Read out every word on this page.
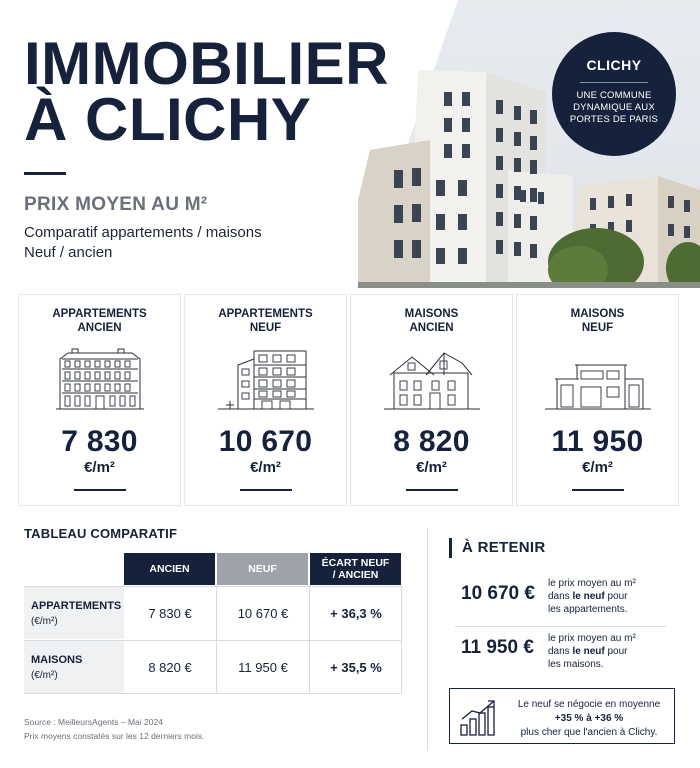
IMMOBILIER
À CLICHY
PRIX MOYEN AU M²
Comparatif appartements / maisons
Neuf / ancien
CLICHY
UNE COMMUNE
DYNAMIQUE AUX
PORTES DE PARIS
APPARTEMENTS
ANCIEN
7 830
€/m²
APPARTEMENTS
NEUF
10 670
€/m²
MAISONS
ANCIEN
8 820
€/m²
MAISONS
NEUF
11 950
€/m²
TABLEAU COMPARATIF
ANCIEN	NEUF	ÉCART NEUF
/ ANCIEN
APPARTEMENTS
(€/m²)
7 830 €	10 670 €	+ 36,3 %
MAISONS
(€/m²)
8 820 €	11 950 €	+ 35,5 %
Source : MeilleursAgents – Mai 2024
Prix moyens constatés sur les 12 derniers mois.
À RETENIR
10 670 € le prix moyen au m²
dans le neuf pour
les appartements.
11 950 € le prix moyen au m²
dans le neuf pour
les maisons.
Le neuf se négocie en moyenne
+35 % à +36 %
plus cher que l'ancien à Clichy.
